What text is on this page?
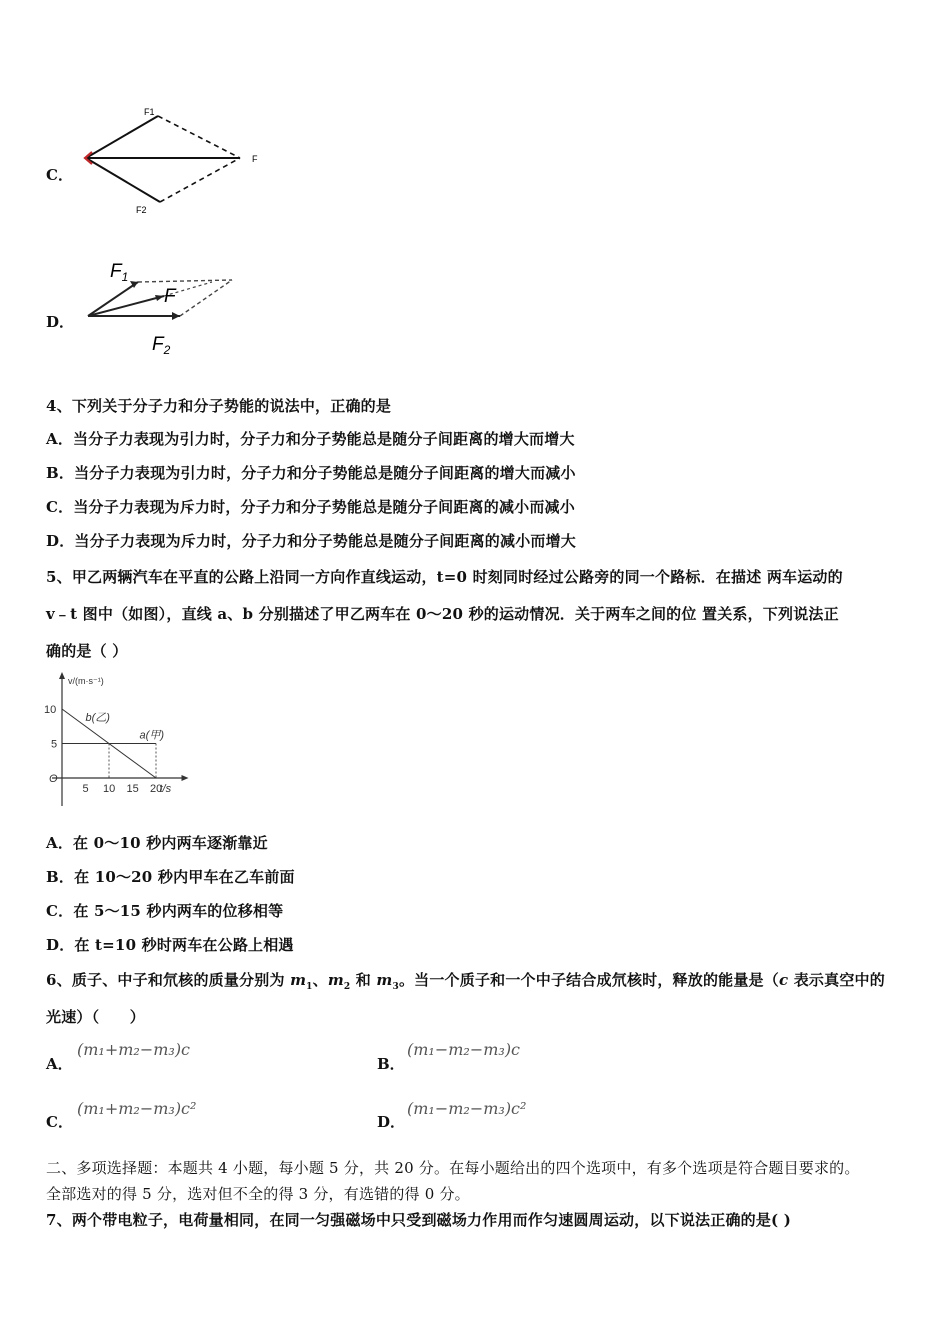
C．
F1
F
F2
D．
$F_1$
F
$F_2$
4、下列关于分子力和分子势能的说法中，正确的是
A．当分子力表现为引力时，分子力和分子势能总是随分子间距离的增大而增大
B．当分子力表现为引力时，分子力和分子势能总是随分子间距离的增大而减小
C．当分子力表现为斥力时，分子力和分子势能总是随分子间距离的减小而减小
D．当分子力表现为斥力时，分子力和分子势能总是随分子间距离的减小而增大
5、甲乙两辆汽车在平直的公路上沿同一方向作直线运动，t=0 时刻同时经过公路旁的同一个路标．在描述 两车运动的
v﹣t 图中（如图），直线 a、b 分别描述了甲乙两车在 0～20 秒的运动情况．关于两车之间的位 置关系，下列说法正
确的是（ ）
v/(m·s⁻¹)
t/s
O
5 10 15 20
10
5
b(乙)
a(甲)
A．在 0～10 秒内两车逐渐靠近
B．在 10～20 秒内甲车在乙车前面
C．在 5～15 秒内两车的位移相等
D．在 t=10 秒时两车在公路上相遇
6、质子、中子和氘核的质量分别为 $m_1$、$m_2$ 和 $m_3$。当一个质子和一个中子结合成氘核时，释放的能量是（c 表示真空中的
光速）（　　）
A．
(m₁+m₂−m₃)c
B．
(m₁−m₂−m₃)c
C．
(m₁+m₂−m₃)c²
D．
(m₁−m₂−m₃)c²
二、多项选择题：本题共 4 小题，每小题 5 分，共 20 分。在每小题给出的四个选项中，有多个选项是符合题目要求的。
全部选对的得 5 分，选对但不全的得 3 分，有选错的得 0 分。
7、两个带电粒子，电荷量相同，在同一匀强磁场中只受到磁场力作用而作匀速圆周运动，以下说法正确的是( )
